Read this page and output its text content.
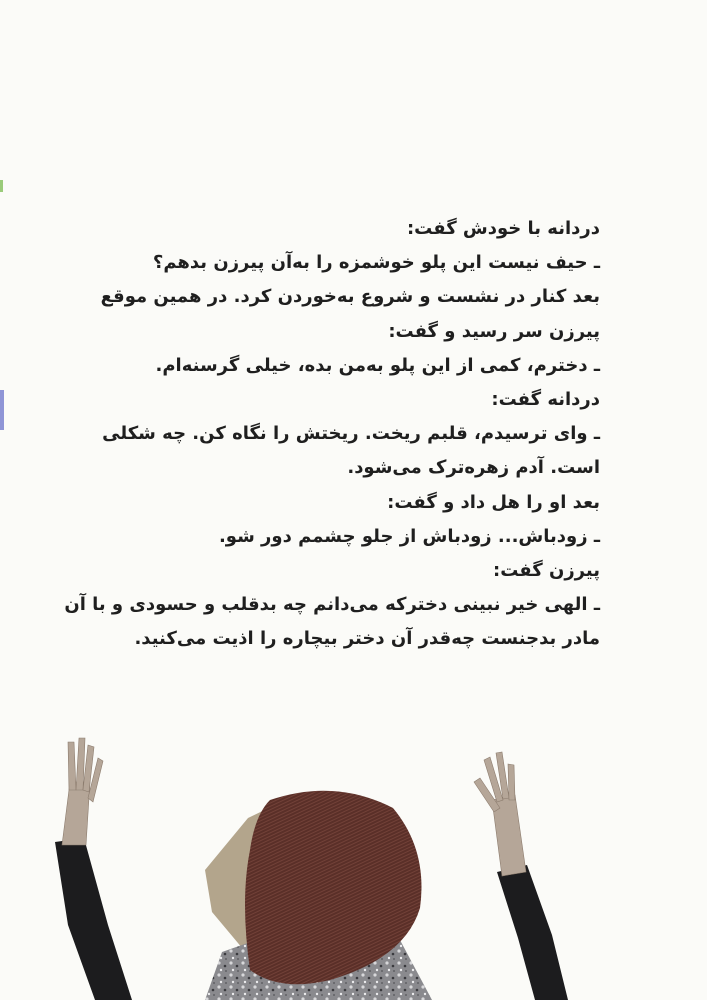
دردانه با خودش گفت:

ـ حیف نیست این پلو خوشمزه را به‌آن پیرزن بدهم؟

بعد کنار در نشست و شروع به‌خوردن کرد. در همین موقع

پیرزن سر رسید و گفت:

ـ دخترم، کمی از این پلو به‌من بده، خیلی گرسنه‌ام.

دردانه گفت:

ـ وای ترسیدم، قلبم ریخت. ریختش را نگاه کن. چه شکلی

است. آدم زهره‌ترک می‌شود.

بعد او را هل داد و گفت:

ـ زودباش... زودباش از جلو چشمم دور شو.

پیرزن گفت:

ـ الهی خیر نبینی دخترکه می‌دانم چه بدقلب و حسودی و با آن

مادر بدجنست چه‌قدر آن دختر بیچاره را اذیت می‌کنید.
